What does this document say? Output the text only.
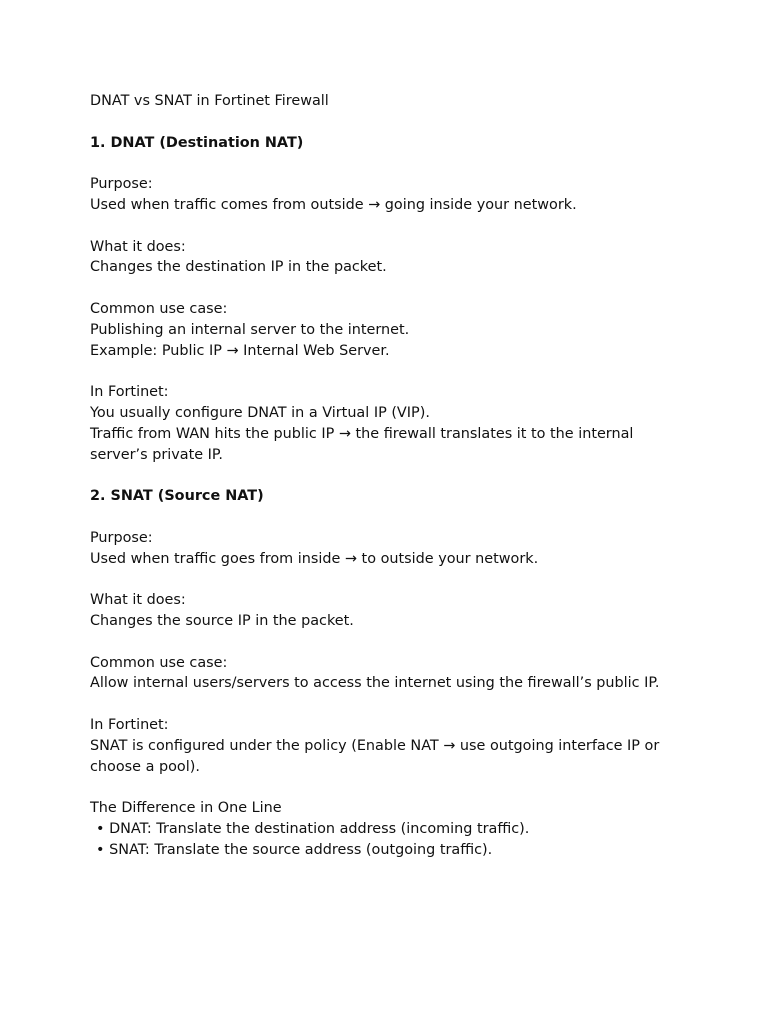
DNAT vs SNAT in Fortinet Firewall

1. DNAT (Destination NAT)

Purpose:

Used when traffic comes from outside → going inside your network.

What it does:

Changes the destination IP in the packet.

Common use case:

Publishing an internal server to the internet.

Example: Public IP → Internal Web Server.

In Fortinet:

You usually configure DNAT in a Virtual IP (VIP).

Traffic from WAN hits the public IP → the firewall translates it to the internal server’s private IP.

2. SNAT (Source NAT)

Purpose:

Used when traffic goes from inside → to outside your network.

What it does:

Changes the source IP in the packet.

Common use case:

Allow internal users/servers to access the internet using the firewall’s public IP.

In Fortinet:

SNAT is configured under the policy (Enable NAT → use outgoing interface IP or choose a pool).

The Difference in One Line

• DNAT: Translate the destination address (incoming traffic).

• SNAT: Translate the source address (outgoing traffic).
